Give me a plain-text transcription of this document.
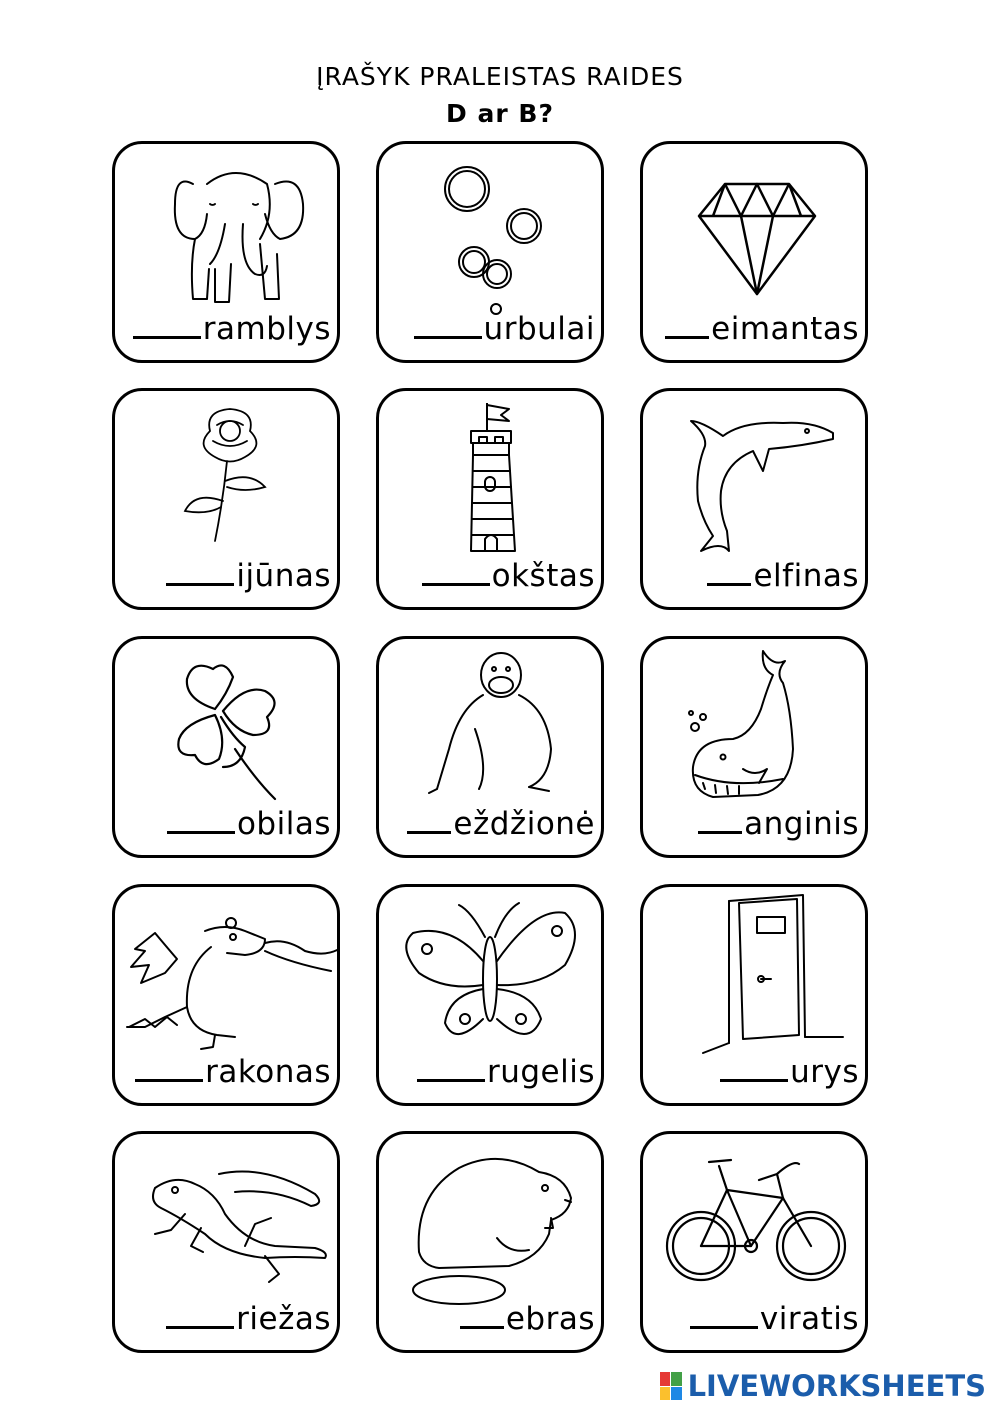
ĮRAŠYK PRALEISTAS RAIDES
D ar B?
ramblys	urbulai	eimantas
ijūnas	okštas	elfinas
obilas	eždžionė	anginis
rakonas	rugelis	urys
riežas	ebras	viratis
LIVEWORKSHEETS
